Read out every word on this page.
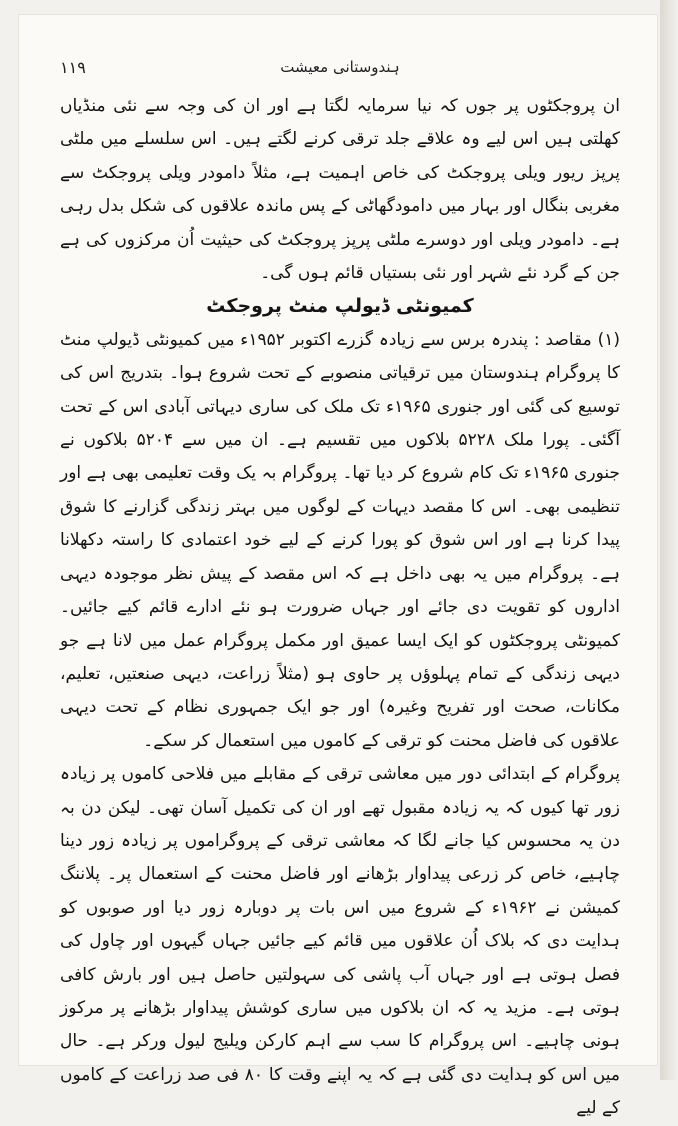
۱۱۹	ہندوستانی معیشت

ان پروجکٹوں پر جوں کہ نیا سرمایہ لگتا ہے اور ان کی وجہ سے نئی منڈیاں کھلتی ہیں اس لیے وہ علاقے جلد ترقی کرنے لگتے ہیں۔ اس سلسلے میں ملٹی پرپز ریور ویلی پروجکٹ کی خاص اہمیت ہے، مثلاً دامودر ویلی پروجکٹ سے مغربی بنگال اور بہار میں دامودگھاٹی کے پس ماندہ علاقوں کی شکل بدل رہی ہے۔ دامودر ویلی اور دوسرے ملٹی پرپز پروجکٹ کی حیثیت اُن مرکزوں کی ہے جن کے گرد نئے شہر اور نئی بستیاں قائم ہوں گی۔

کمیونٹی ڈیولپ منٹ پروجکٹ

(۱) مقاصد : پندرہ برس سے زیادہ گزرے اکتوبر ۱۹۵۲ء میں کمیونٹی ڈیولپ منٹ کا پروگرام ہندوستان میں ترقیاتی منصوبے کے تحت شروع ہوا۔ بتدریج اس کی توسیع کی گئی اور جنوری ۱۹۶۵ء تک ملک کی ساری دیہاتی آبادی اس کے تحت آگئی۔ پورا ملک ۵۲۲۸ بلاکوں میں تقسیم ہے۔ ان میں سے ۵۲۰۴ بلاکوں نے جنوری ۱۹۶۵ء تک کام شروع کر دیا تھا۔ پروگرام بہ یک وقت تعلیمی بھی ہے اور تنظیمی بھی۔ اس کا مقصد دیہات کے لوگوں میں بہتر زندگی گزارنے کا شوق پیدا کرنا ہے اور اس شوق کو پورا کرنے کے لیے خود اعتمادی کا راستہ دکھلانا ہے۔ پروگرام میں یہ بھی داخل ہے کہ اس مقصد کے پیش نظر موجودہ دیہی اداروں کو تقویت دی جائے اور جہاں ضرورت ہو نئے ادارے قائم کیے جائیں۔ کمیونٹی پروجکٹوں کو ایک ایسا عمیق اور مکمل پروگرام عمل میں لانا ہے جو دیہی زندگی کے تمام پہلوؤں پر حاوی ہو (مثلاً زراعت، دیہی صنعتیں، تعلیم، مکانات، صحت اور تفریح وغیرہ) اور جو ایک جمہوری نظام کے تحت دیہی علاقوں کی فاضل محنت کو ترقی کے کاموں میں استعمال کر سکے۔

پروگرام کے ابتدائی دور میں معاشی ترقی کے مقابلے میں فلاحی کاموں پر زیادہ زور تھا کیوں کہ یہ زیادہ مقبول تھے اور ان کی تکمیل آسان تھی۔ لیکن دن بہ دن یہ محسوس کیا جانے لگا کہ معاشی ترقی کے پروگراموں پر زیادہ زور دینا چاہیے، خاص کر زرعی پیداوار بڑھانے اور فاضل محنت کے استعمال پر۔ پلاننگ کمیشن نے ۱۹۶۲ء کے شروع میں اس بات پر دوبارہ زور دیا اور صوبوں کو ہدایت دی کہ بلاک اُن علاقوں میں قائم کیے جائیں جہاں گیہوں اور چاول کی فصل ہوتی ہے اور جہاں آب پاشی کی سہولتیں حاصل ہیں اور بارش کافی ہوتی ہے۔ مزید یہ کہ ان بلاکوں میں ساری کوشش پیداوار بڑھانے پر مرکوز ہونی چاہیے۔ اس پروگرام کا سب سے اہم کارکن ویلیج لیول ورکر ہے۔ حال میں اس کو ہدایت دی گئی ہے کہ یہ اپنے وقت کا ۸۰ فی صد زراعت کے کاموں کے لیے
